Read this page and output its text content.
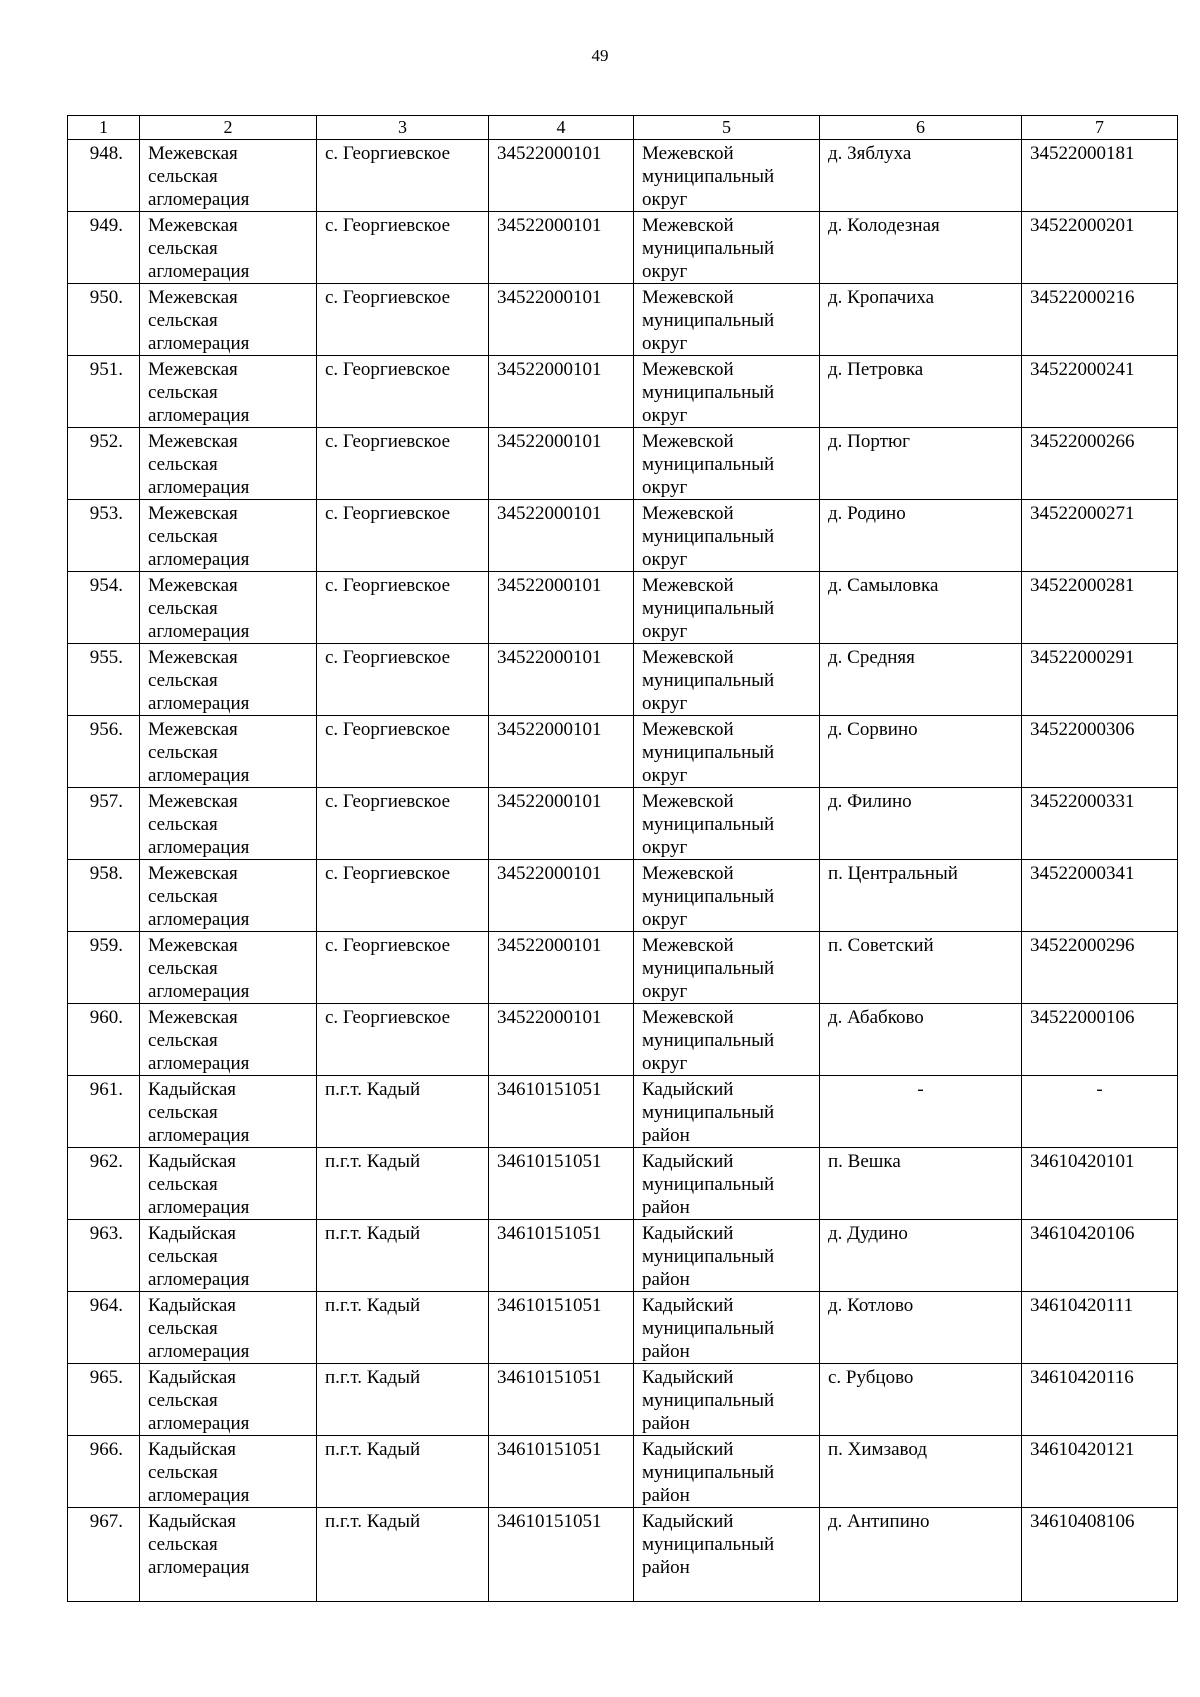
49
1	2	3	4	5	6	7
948.	Межевская
сельская
агломерация	с. Георгиевское	34522000101	Межевской
муниципальный
округ	д. Зяблуха	34522000181
949.	Межевская
сельская
агломерация	с. Георгиевское	34522000101	Межевской
муниципальный
округ	д. Колодезная	34522000201
950.	Межевская
сельская
агломерация	с. Георгиевское	34522000101	Межевской
муниципальный
округ	д. Кропачиха	34522000216
951.	Межевская
сельская
агломерация	с. Георгиевское	34522000101	Межевской
муниципальный
округ	д. Петровка	34522000241
952.	Межевская
сельская
агломерация	с. Георгиевское	34522000101	Межевской
муниципальный
округ	д. Портюг	34522000266
953.	Межевская
сельская
агломерация	с. Георгиевское	34522000101	Межевской
муниципальный
округ	д. Родино	34522000271
954.	Межевская
сельская
агломерация	с. Георгиевское	34522000101	Межевской
муниципальный
округ	д. Самыловка	34522000281
955.	Межевская
сельская
агломерация	с. Георгиевское	34522000101	Межевской
муниципальный
округ	д. Средняя	34522000291
956.	Межевская
сельская
агломерация	с. Георгиевское	34522000101	Межевской
муниципальный
округ	д. Сорвино	34522000306
957.	Межевская
сельская
агломерация	с. Георгиевское	34522000101	Межевской
муниципальный
округ	д. Филино	34522000331
958.	Межевская
сельская
агломерация	с. Георгиевское	34522000101	Межевской
муниципальный
округ	п. Центральный	34522000341
959.	Межевская
сельская
агломерация	с. Георгиевское	34522000101	Межевской
муниципальный
округ	п. Советский	34522000296
960.	Межевская
сельская
агломерация	с. Георгиевское	34522000101	Межевской
муниципальный
округ	д. Абабково	34522000106
961.	Кадыйская
сельская
агломерация	п.г.т. Кадый	34610151051	Кадыйский
муниципальный
район	-	-
962.	Кадыйская
сельская
агломерация	п.г.т. Кадый	34610151051	Кадыйский
муниципальный
район	п. Вешка	34610420101
963.	Кадыйская
сельская
агломерация	п.г.т. Кадый	34610151051	Кадыйский
муниципальный
район	д. Дудино	34610420106
964.	Кадыйская
сельская
агломерация	п.г.т. Кадый	34610151051	Кадыйский
муниципальный
район	д. Котлово	34610420111
965.	Кадыйская
сельская
агломерация	п.г.т. Кадый	34610151051	Кадыйский
муниципальный
район	с. Рубцово	34610420116
966.	Кадыйская
сельская
агломерация	п.г.т. Кадый	34610151051	Кадыйский
муниципальный
район	п. Химзавод	34610420121
967.	Кадыйская
сельская
агломерация	п.г.т. Кадый	34610151051	Кадыйский
муниципальный
район	д. Антипино	34610408106
